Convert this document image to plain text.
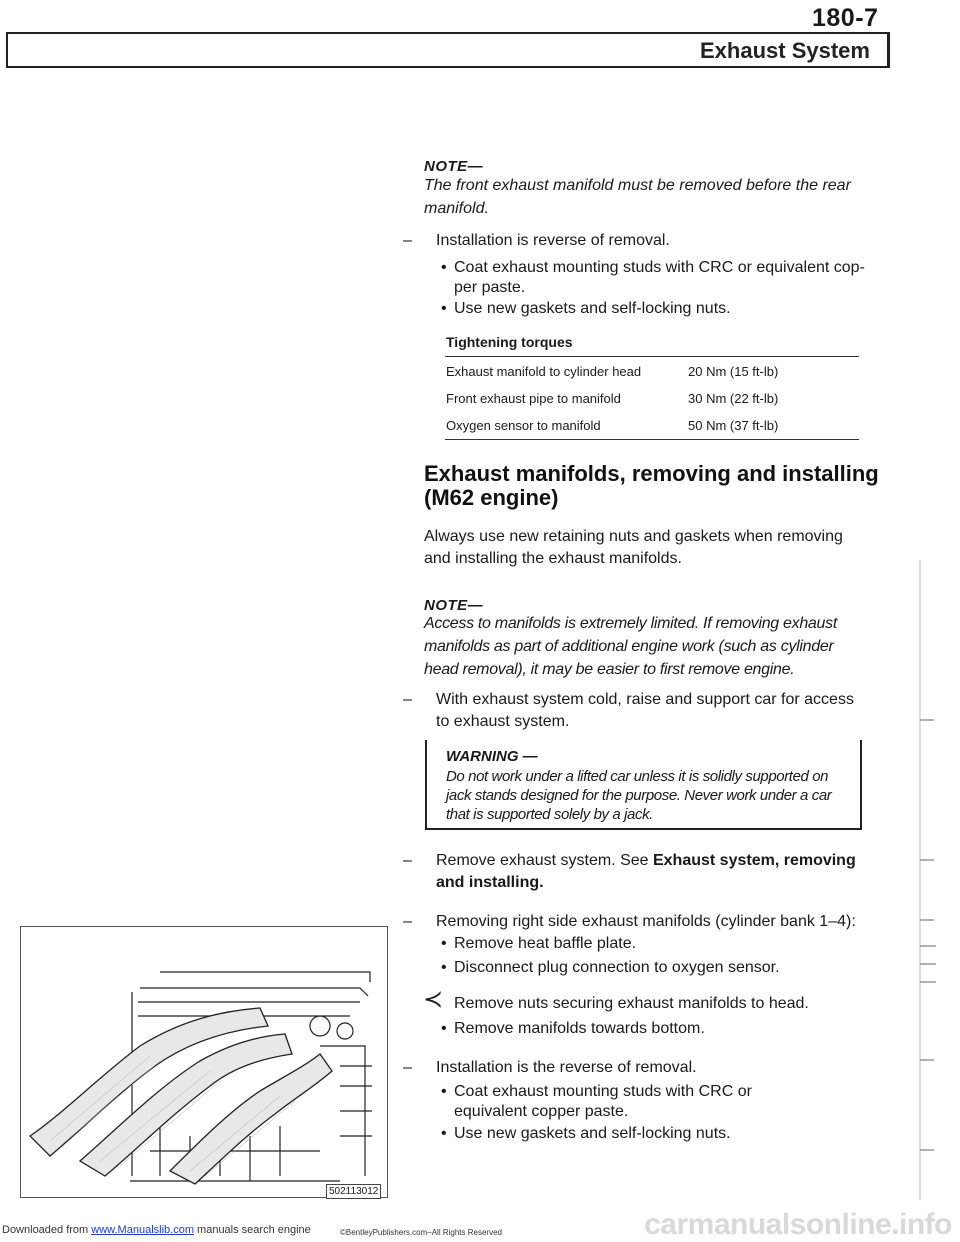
180-7
Exhaust System
NOTE—
The front exhaust manifold must be removed before the rear manifold.
– Installation is reverse of removal.
• Coat exhaust mounting studs with CRC or equivalent cop- per paste.
• Use new gaskets and self-locking nuts.
Tightening torques
Exhaust manifold to cylinder head	20 Nm (15 ft-lb)
Front exhaust pipe to manifold	30 Nm (22 ft-lb)
Oxygen sensor to manifold	50 Nm (37 ft-lb)
Exhaust manifolds, removing and installing
(M62 engine)
Always use new retaining nuts and gaskets when removing and installing the exhaust manifolds.
NOTE—
Access to manifolds is extremely limited. If removing exhaust manifolds as part of additional engine work (such as cylinder head removal), it may be easier to first remove engine.
– With exhaust system cold, raise and support car for access to exhaust system.
WARNING —
Do not work under a lifted car unless it is solidly supported on jack stands designed for the purpose. Never work under a car that is supported solely by a jack.
– Remove exhaust system. See Exhaust system, removing and installing.
– Removing right side exhaust manifolds (cylinder bank 1–4):
• Remove heat baffle plate.
• Disconnect plug connection to oxygen sensor.
≺ Remove nuts securing exhaust manifolds to head.
• Remove manifolds towards bottom.
– Installation is the reverse of removal.
• Coat exhaust mounting studs with CRC or equivalent copper paste.
• Use new gaskets and self-locking nuts.
502113012
Downloaded from www.Manualslib.com manuals search engine	©BentleyPublishers.com–All Rights Reserved	carmanualsonline.info
